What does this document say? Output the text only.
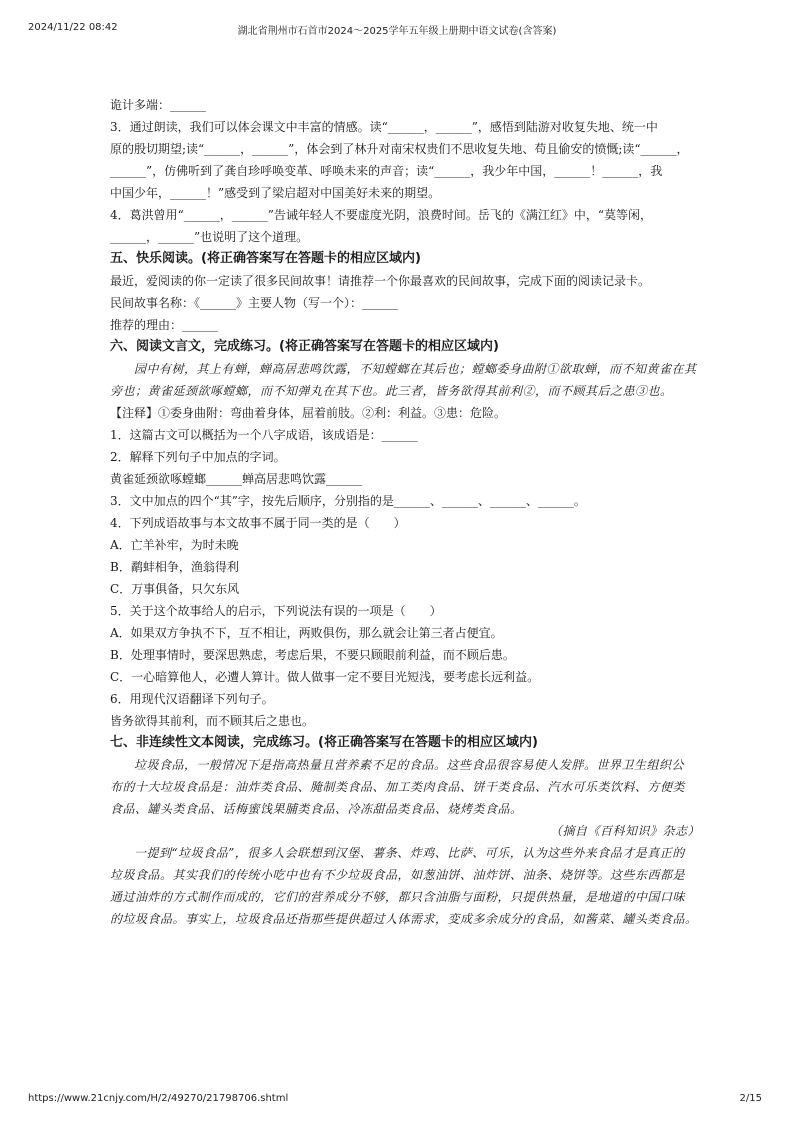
2024/11/22 08:42	湖北省荆州市石首市2024～2025学年五年级上册期中语文试卷(含答案)
诡计多端：______
3．通过朗读，我们可以体会课文中丰富的情感。读“______，______”，感悟到陆游对收复失地、统一中
原的殷切期望;读“______，______”，体会到了林升对南宋权贵们不思收复失地、苟且偷安的愤慨;读“______，
______”，仿佛听到了龚自珍呼唤变革、呼唤未来的声音；读“______，我少年中国，______！______，我
中国少年，______！”感受到了梁启超对中国美好未来的期望。
4．葛洪曾用“______，______”告诫年轻人不要虚度光阴，浪费时间。岳飞的《满江红》中，“莫等闲，
______，______”也说明了这个道理。
五、快乐阅读。(将正确答案写在答题卡的相应区域内)
最近，爱阅读的你一定读了很多民间故事！请推荐一个你最喜欢的民间故事，完成下面的阅读记录卡。
民间故事名称：《______》主要人物（写一个）：______
推荐的理由：______
六、阅读文言文，完成练习。(将正确答案写在答题卡的相应区域内)
园中有树，其上有蝉，蝉高居悲鸣饮露，不知螳螂在其后也；螳螂委身曲附①欲取蝉，而不知黄雀在其
旁也；黄雀延颈欲啄螳螂，而不知弹丸在其下也。此三者，皆务欲得其前利②，而不顾其后之患③也。
【注释】①委身曲附：弯曲着身体，屈着前肢。②利：利益。③患：危险。
1．这篇古文可以概括为一个八字成语，该成语是：______
2．解释下列句子中加点的字词。
黄雀延颈欲啄螳螂______蝉高居悲鸣饮露______
3．文中加点的四个“其”字，按先后顺序，分别指的是______、______、______、______。
4．下列成语故事与本文故事不属于同一类的是（　　）
A．亡羊补牢，为时未晚
B．鹬蚌相争，渔翁得利
C．万事俱备，只欠东风
5．关于这个故事给人的启示，下列说法有误的一项是（　　）
A．如果双方争执不下，互不相让，两败俱伤，那么就会让第三者占便宜。
B．处理事情时，要深思熟虑，考虑后果，不要只顾眼前利益，而不顾后患。
C．一心暗算他人，必遭人算计。做人做事一定不要目光短浅，要考虑长远利益。
6．用现代汉语翻译下列句子。
皆务欲得其前利，而不顾其后之患也。
七、非连续性文本阅读，完成练习。(将正确答案写在答题卡的相应区域内)
垃圾食品，一般情况下是指高热量且营养素不足的食品。这些食品很容易使人发胖。世界卫生组织公
布的十大垃圾食品是：油炸类食品、腌制类食品、加工类肉食品、饼干类食品、汽水可乐类饮料、方便类
食品、罐头类食品、话梅蜜饯果脯类食品、冷冻甜品类食品、烧烤类食品。
（摘自《百科知识》杂志）
一提到“垃圾食品”，很多人会联想到汉堡、薯条、炸鸡、比萨、可乐，认为这些外来食品才是真正的
垃圾食品。其实我们的传统小吃中也有不少垃圾食品，如葱油饼、油炸饼、油条、烧饼等。这些东西都是
通过油炸的方式制作而成的，它们的营养成分不够，都只含油脂与面粉，只提供热量，是地道的中国口味
的垃圾食品。事实上，垃圾食品还指那些提供超过人体需求，变成多余成分的食品，如酱菜、罐头类食品。
https://www.21cnjy.com/H/2/49270/21798706.shtml	2/15
